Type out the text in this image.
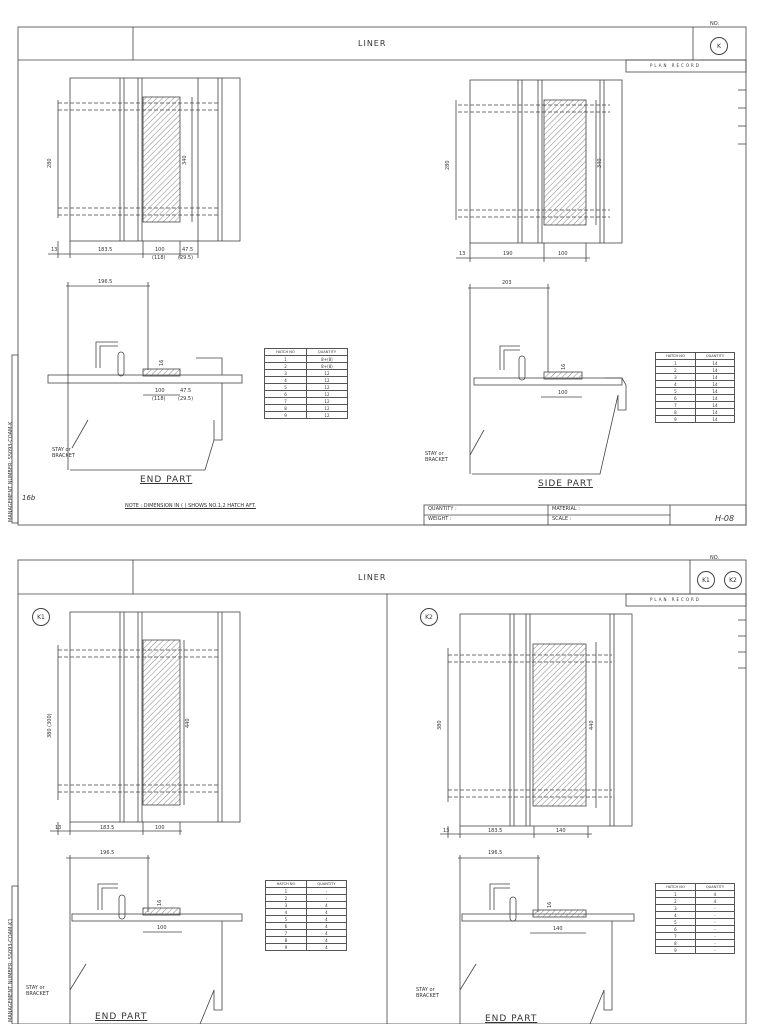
NO.
LINER	K
PLAN RECORD
MANAGEMENT NUMBER: SS093-COAM-K 16b
280	340
13	183.5	100	47.5
(118)	(29.5)
280	340
13	190	100
196.5
16
100	47.5
(118)	(29.5)
STAY or
BRACKET
END PART
203
16
100
STAY or
BRACKET
SIDE PART
NOTE : DIMENSION IN ( ) SHOWS NO.1,2 HATCH AFT.
HATCH NO	QUANTITY
1	8+(8)
2	8+(8)
3	12
4	12
5	12
6	12
7	12
8	12
9	12
HATCH NO	QUANTITY
1	14
2	14
3	14
4	14
5	14
6	14
7	14
8	14
9	14
QUANTITY :
WEIGHT :
MATERIAL :
SCALE :	H-08
NO.
LINER	K1	K2
PLAN RECORD
MANAGEMENT NUMBER: SS093-COAM-K1
K1	K2
380 (300)	440
13	183.5	100
380	440
13	183.5	140
196.5
16
100
STAY or
BRACKET
END PART
196.5
16
140
STAY or
BRACKET
END PART
HATCH NO	QUANTITY
1	-
2	-
3	4
4	4
5	4
6	4
7	4
8	4
9	4
HATCH NO	QUANTITY
1	4
2	4
3	-
4	-
5	-
6	-
7	-
8	-
9	-
